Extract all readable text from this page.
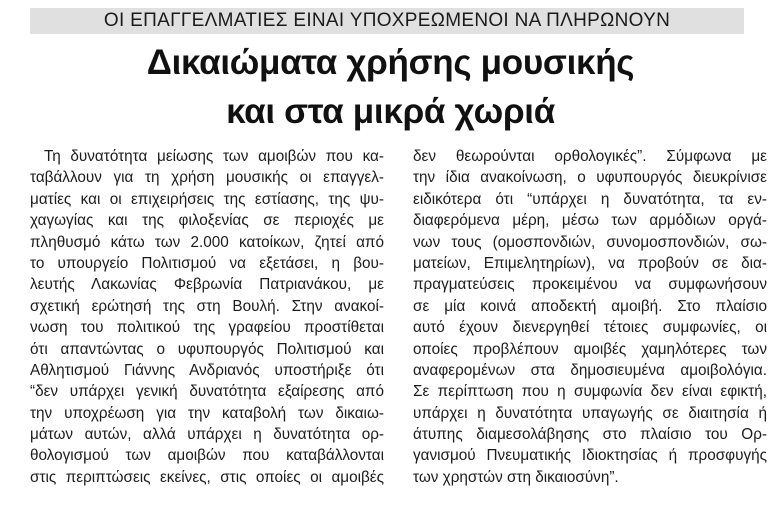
ΟΙ ΕΠΑΓΓΕΛΜΑΤΙΕΣ ΕΙΝΑΙ ΥΠΟΧΡΕΩΜΕΝΟΙ ΝΑ ΠΛΗΡΩΝΟΥΝ
Δικαιώματα χρήσης μουσικής
και στα μικρά χωριά
Τη δυνατότητα μείωσης των αμοιβών που κα-
ταβάλλουν για τη χρήση μουσικής οι επαγγελ-
ματίες και οι επιχειρήσεις της εστίασης, της ψυ-
χαγωγίας και της φιλοξενίας σε περιοχές με
πληθυσμό κάτω των 2.000 κατοίκων, ζητεί από
το υπουργείο Πολιτισμού να εξετάσει, η βου-
λευτής Λακωνίας Φεβρωνία Πατριανάκου, με
σχετική ερώτησή της στη Βουλή. Στην ανακοί-
νωση του πολιτικού της γραφείου προστίθεται
ότι απαντώντας ο υφυπουργός Πολιτισμού και
Αθλητισμού Γιάννης Ανδριανός υποστήριξε ότι
“δεν υπάρχει γενική δυνατότητα εξαίρεσης από
την υποχρέωση για την καταβολή των δικαιω-
μάτων αυτών, αλλά υπάρχει η δυνατότητα ορ-
θολογισμού των αμοιβών που καταβάλλονται
στις περιπτώσεις εκείνες, στις οποίες οι αμοιβές
δεν θεωρούνται ορθολογικές”. Σύμφωνα με
την ίδια ανακοίνωση, ο υφυπουργός διευκρίνισε
ειδικότερα ότι “υπάρχει η δυνατότητα, τα εν-
διαφερόμενα μέρη, μέσω των αρμόδιων οργά-
νων τους (ομοσπονδιών, συνομοσπονδιών, σω-
ματείων, Επιμελητηρίων), να προβούν σε δια-
πραγματεύσεις προκειμένου να συμφωνήσουν
σε μία κοινά αποδεκτή αμοιβή. Στο πλαίσιο
αυτό έχουν διενεργηθεί τέτοιες συμφωνίες, οι
οποίες προβλέπουν αμοιβές χαμηλότερες των
αναφερομένων στα δημοσιευμένα αμοιβολόγια.
Σε περίπτωση που η συμφωνία δεν είναι εφικτή,
υπάρχει η δυνατότητα υπαγωγής σε διαιτησία ή
άτυπης διαμεσολάβησης στο πλαίσιο του Ορ-
γανισμού Πνευματικής Ιδιοκτησίας ή προσφυγής
των χρηστών στη δικαιοσύνη”.
